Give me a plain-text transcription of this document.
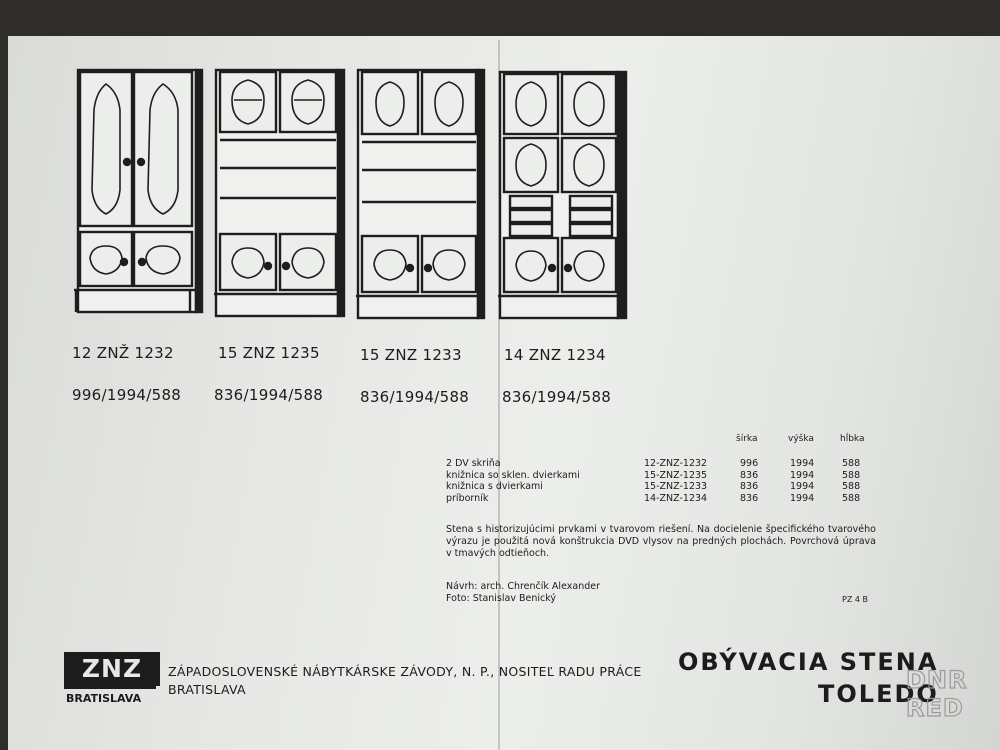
12 ZNŽ 1232	15 ZNZ 1235	15 ZNZ 1233	14 ZNZ 1234
996/1994/588 836/1994/588 836/1994/588 836/1994/588
šírka	výška	hĺbka
2 DV skriňa	12-ZNZ-1232	996	1994	588
knižnica so sklen. dvierkami	15-ZNZ-1235	836	1994	588
knižnica s dvierkami	15-ZNZ-1233	836	1994	588
príborník	14-ZNZ-1234	836	1994	588
Stena s historizujúcimi prvkami v tvarovom riešení. Na docielenie špecifického tvarového výrazu je použitá nová konštrukcia DVD vlysov na predných plochách. Povrchová úprava v tmavých odtieňoch.
Návrh: arch. Chrenčík Alexander
Foto: Stanislav Benický	PZ 4 B
ZNZ
BRATISLAVA
ZÁPADOSLOVENSKÉ NÁBYTKÁRSKE ZÁVODY, N. P., NOSITEĽ RADU PRÁCE
BRATISLAVA
OBÝVACIA STENA
TOLEDO
DNR
RED
